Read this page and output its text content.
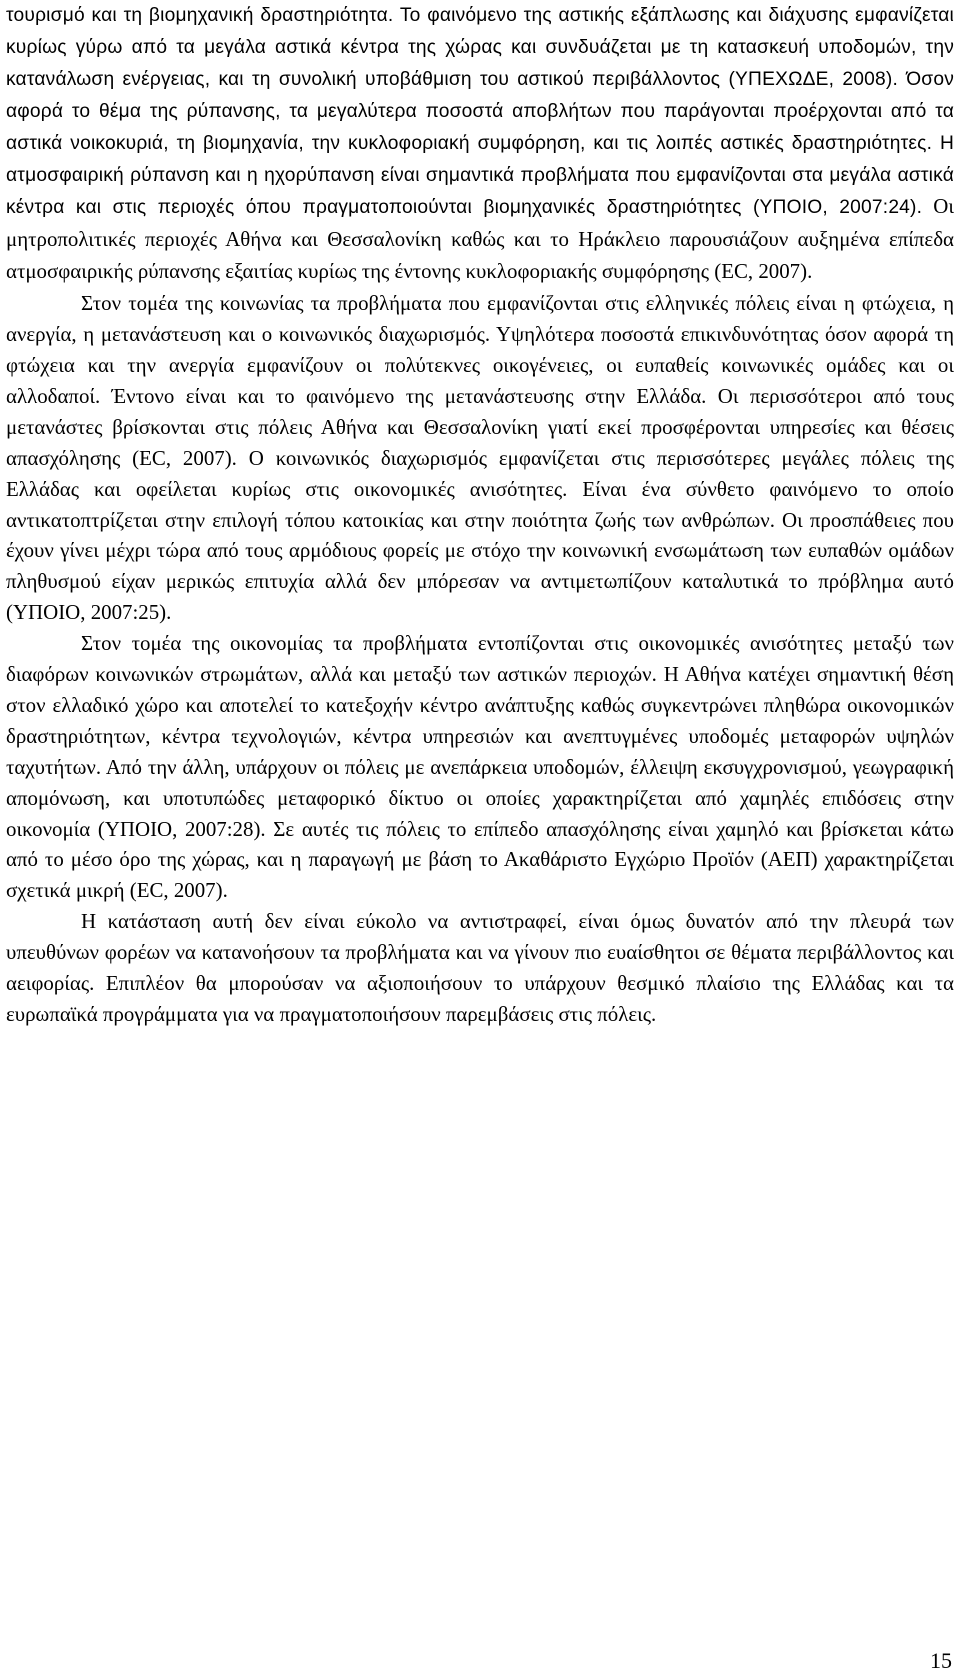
τουρισμό και τη βιομηχανική δραστηριότητα. Το φαινόμενο της αστικής εξάπλωσης και διάχυσης εμφανίζεται κυρίως γύρω από τα μεγάλα αστικά κέντρα της χώρας και συνδυάζεται με τη κατασκευή υποδομών, την κατανάλωση ενέργειας, και τη συνολική υποβάθμιση του αστικού περιβάλλοντος (ΥΠΕΧΩΔΕ, 2008). Όσον αφορά το θέμα της ρύπανσης, τα μεγαλύτερα ποσοστά αποβλήτων που παράγονται προέρχονται από τα αστικά νοικοκυριά, τη βιομηχανία, την κυκλοφοριακή συμφόρηση, και τις λοιπές αστικές δραστηριότητες. Η ατμοσφαιρική ρύπανση και η ηχορύπανση είναι σημαντικά προβλήματα που εμφανίζονται στα μεγάλα αστικά κέντρα και στις περιοχές όπου πραγματοποιούνται βιομηχανικές δραστηριότητες (ΥΠΟΙΟ, 2007:24). Οι μητροπολιτικές περιοχές Αθήνα και Θεσσαλονίκη καθώς και το Ηράκλειο παρουσιάζουν αυξημένα επίπεδα ατμοσφαιρικής ρύπανσης εξαιτίας κυρίως της έντονης κυκλοφοριακής συμφόρησης (ΕC, 2007).

Στον τομέα της κοινωνίας τα προβλήματα που εμφανίζονται στις ελληνικές πόλεις είναι η φτώχεια, η ανεργία, η μετανάστευση και ο κοινωνικός διαχωρισμός. Υψηλότερα ποσοστά επικινδυνότητας όσον αφορά τη φτώχεια και την ανεργία εμφανίζουν οι πολύτεκνες οικογένειες, οι ευπαθείς κοινωνικές ομάδες και οι αλλοδαποί. Έντονο είναι και το φαινόμενο της μετανάστευσης στην Ελλάδα. Οι περισσότεροι από τους μετανάστες βρίσκονται στις πόλεις Αθήνα και Θεσσαλονίκη γιατί εκεί προσφέρονται υπηρεσίες και θέσεις απασχόλησης (EC, 2007). Ο κοινωνικός διαχωρισμός εμφανίζεται στις περισσότερες μεγάλες πόλεις της Ελλάδας και οφείλεται κυρίως στις οικονομικές ανισότητες. Είναι ένα σύνθετο φαινόμενο το οποίο αντικατοπτρίζεται στην επιλογή τόπου κατοικίας και στην ποιότητα ζωής των ανθρώπων. Οι προσπάθειες που έχουν γίνει μέχρι τώρα από τους αρμόδιους φορείς με στόχο την κοινωνική ενσωμάτωση των ευπαθών ομάδων πληθυσμού είχαν μερικώς επιτυχία αλλά δεν μπόρεσαν να αντιμετωπίζουν καταλυτικά το πρόβλημα αυτό (ΥΠΟΙΟ, 2007:25).

Στον τομέα της οικονομίας τα προβλήματα εντοπίζονται στις οικονομικές ανισότητες μεταξύ των διαφόρων κοινωνικών στρωμάτων, αλλά και μεταξύ των αστικών περιοχών. Η Αθήνα κατέχει σημαντική θέση στον ελλαδικό χώρο και αποτελεί το κατεξοχήν κέντρο ανάπτυξης καθώς συγκεντρώνει πληθώρα οικονομικών δραστηριότητων, κέντρα τεχνολογιών, κέντρα υπηρεσιών και ανεπτυγμένες υποδομές μεταφορών υψηλών ταχυτήτων. Από την άλλη, υπάρχουν οι πόλεις με ανεπάρκεια υποδομών, έλλειψη εκσυγχρονισμού, γεωγραφική απομόνωση, και υποτυπώδες μεταφορικό δίκτυο οι οποίες χαρακτηρίζεται από χαμηλές επιδόσεις στην οικονομία (ΥΠΟΙΟ, 2007:28). Σε αυτές τις πόλεις το επίπεδο απασχόλησης είναι χαμηλό και βρίσκεται κάτω από το μέσο όρο της χώρας, και η παραγωγή με βάση το Ακαθάριστο Εγχώριο Προϊόν (ΑΕΠ) χαρακτηρίζεται σχετικά μικρή (EC, 2007).

Η κατάσταση αυτή δεν είναι εύκολο να αντιστραφεί, είναι όμως δυνατόν από την πλευρά των υπευθύνων φορέων να κατανοήσουν τα προβλήματα και να γίνουν πιο ευαίσθητοι σε θέματα περιβάλλοντος και αειφορίας. Επιπλέον θα μπορούσαν να αξιοποιήσουν το υπάρχουν θεσμικό πλαίσιο της Ελλάδας και τα ευρωπαϊκά προγράμματα για να πραγματοποιήσουν παρεμβάσεις στις πόλεις.

15
